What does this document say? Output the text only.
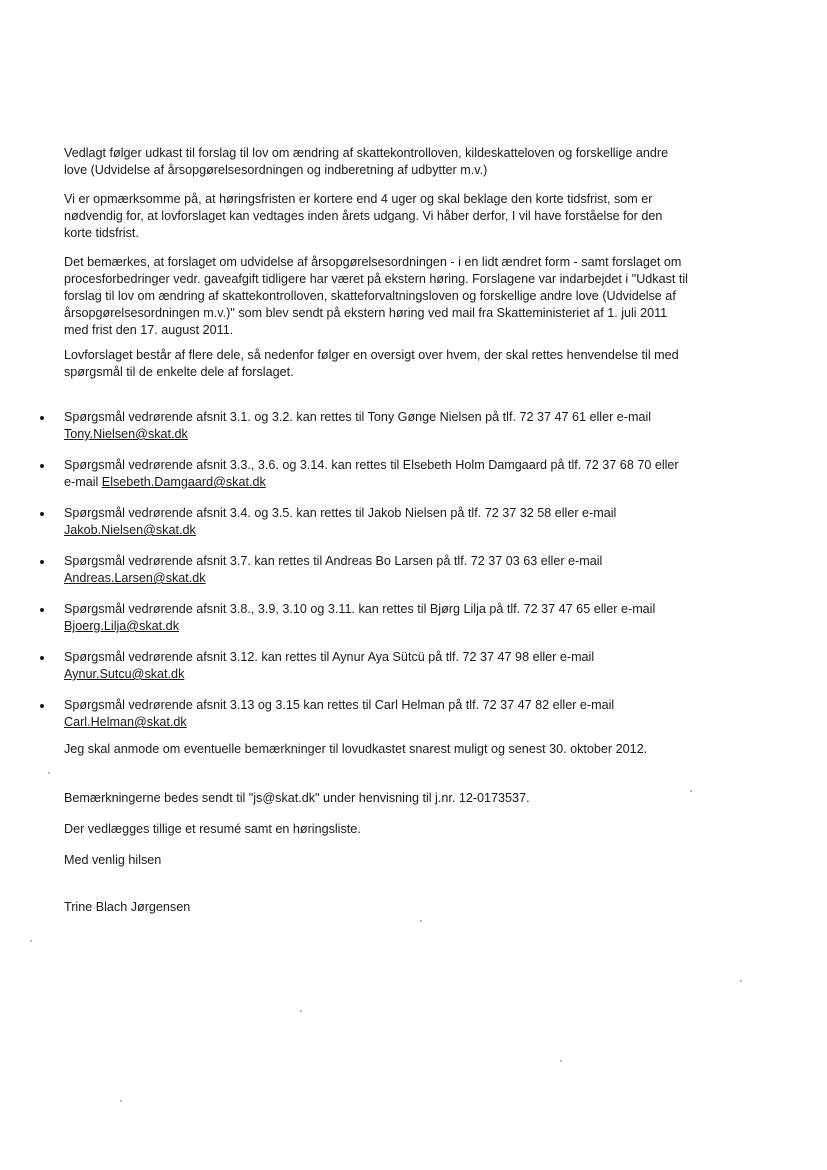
Vedlagt følger udkast til forslag til lov om ændring af skattekontrolloven, kildeskatteloven og forskellige andre
love (Udvidelse af årsopgørelsesordningen og indberetning af udbytter m.v.)

Vi er opmærksomme på, at høringsfristen er kortere end 4 uger og skal beklage den korte tidsfrist, som er
nødvendig for, at lovforslaget kan vedtages inden årets udgang. Vi håber derfor, I vil have forståelse for den
korte tidsfrist.

Det bemærkes, at forslaget om udvidelse af årsopgørelsesordningen - i en lidt ændret form - samt forslaget om
procesforbedringer vedr. gaveafgift tidligere har været på ekstern høring. Forslagene var indarbejdet i "Udkast til
forslag til lov om ændring af skattekontrolloven, skatteforvaltningsloven og forskellige andre love (Udvidelse af
årsopgørelsesordningen m.v.)" som blev sendt på ekstern høring ved mail fra Skatteministeriet af 1. juli 2011
med frist den 17. august 2011.

Lovforslaget består af flere dele, så nedenfor følger en oversigt over hvem, der skal rettes henvendelse til med
spørgsmål til de enkelte dele af forslaget.

Spørgsmål vedrørende afsnit 3.1. og 3.2. kan rettes til Tony Gønge Nielsen på tlf. 72 37 47 61 eller e-mail
Tony.Nielsen@skat.dk
Spørgsmål vedrørende afsnit 3.3., 3.6. og 3.14. kan rettes til Elsebeth Holm Damgaard på tlf. 72 37 68 70 eller
e-mail Elsebeth.Damgaard@skat.dk
Spørgsmål vedrørende afsnit 3.4. og 3.5. kan rettes til Jakob Nielsen på tlf. 72 37 32 58 eller e-mail
Jakob.Nielsen@skat.dk
Spørgsmål vedrørende afsnit 3.7. kan rettes til Andreas Bo Larsen på tlf. 72 37 03 63 eller e-mail
Andreas.Larsen@skat.dk
Spørgsmål vedrørende afsnit 3.8., 3.9, 3.10 og 3.11. kan rettes til Bjørg Lilja på tlf. 72 37 47 65 eller e-mail
Bjoerg.Lilja@skat.dk
Spørgsmål vedrørende afsnit 3.12. kan rettes til Aynur Aya Sütcü på tlf. 72 37 47 98 eller e-mail
Aynur.Sutcu@skat.dk
Spørgsmål vedrørende afsnit 3.13 og 3.15 kan rettes til Carl Helman på tlf. 72 37 47 82 eller e-mail
Carl.Helman@skat.dk

Jeg skal anmode om eventuelle bemærkninger til lovudkastet snarest muligt og senest 30. oktober 2012.

Bemærkningerne bedes sendt til "js@skat.dk" under henvisning til j.nr. 12-0173537.

Der vedlægges tillige et resumé samt en høringsliste.

Med venlig hilsen

Trine Blach Jørgensen
